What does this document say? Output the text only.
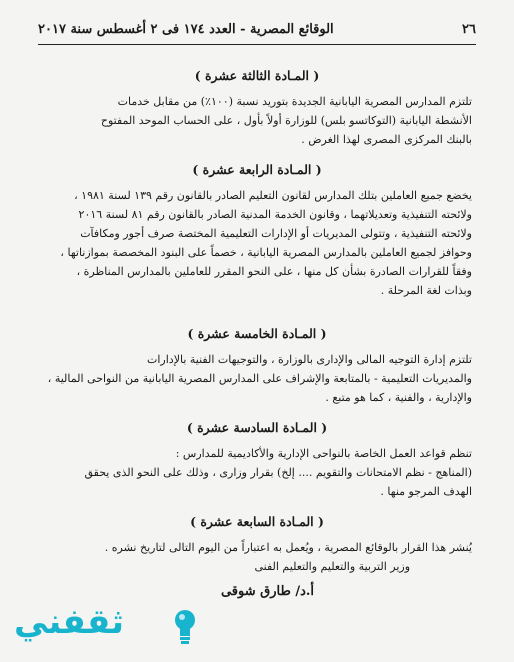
٢٦
الوقائع المصرية - العدد ١٧٤ فى ٢ أغسطس سنة ٢٠١٧
( المـادة الثالثة عشرة )

تلتزم المدارس المصرية اليابانية الجديدة بتوريد نسبة (١٠٠٪) من مقابل خدمات

الأنشطة اليابانية (التوكاتسو بلس) للوزارة أولاً بأول ، على الحساب الموحد المفتوح

بالبنك المركزى المصرى لهذا الغرض .

( المـادة الرابعة عشرة )

يخضع جميع العاملين بتلك المدارس لقانون التعليم الصادر بالقانون رقم ١٣٩ لسنة ١٩٨١ ،

ولائحته التنفيذية وتعديلاتهما ، وقانون الخدمة المدنية الصادر بالقانون رقم ٨١ لسنة ٢٠١٦

ولائحته التنفيذية ، وتتولى المديريات أو الإدارات التعليمية المختصة صرف أجور ومكافآت

وحوافز لجميع العاملين بالمدارس المصرية اليابانية ، خصماً على البنود المخصصة بموازناتها ،

وفقاً للقرارات الصادرة بشأن كل منها ، على النحو المقرر للعاملين بالمدارس المناظرة ،

وبذات لغة المرحلة .

( المـادة الخامسة عشرة )

تلتزم إدارة التوجيه المالى والإدارى بالوزارة ، والتوجيهات الفنية بالإدارات

والمديريات التعليمية - بالمتابعة والإشراف على المدارس المصرية اليابانية من النواحى المالية ،

والإدارية ، والفنية ، كما هو متبع .

( المـادة السادسة عشرة )

تنظم قواعد العمل الخاصة بالنواحى الإدارية والأكاديمية للمدارس :

(المناهج - نظم الامتحانات والتقويم .... إلخ) بقرار وزارى ، وذلك على النحو الذى يحقق

الهدف المرجو منها .

( المـادة السابعة عشرة )

يُنشر هذا القرار بالوقائع المصرية ، ويُعمل به اعتباراً من اليوم التالى لتاريخ نشره .

وزير التربية والتعليم والتعليم الفنى
أ.د/ طارق شوقى
ثقفني
